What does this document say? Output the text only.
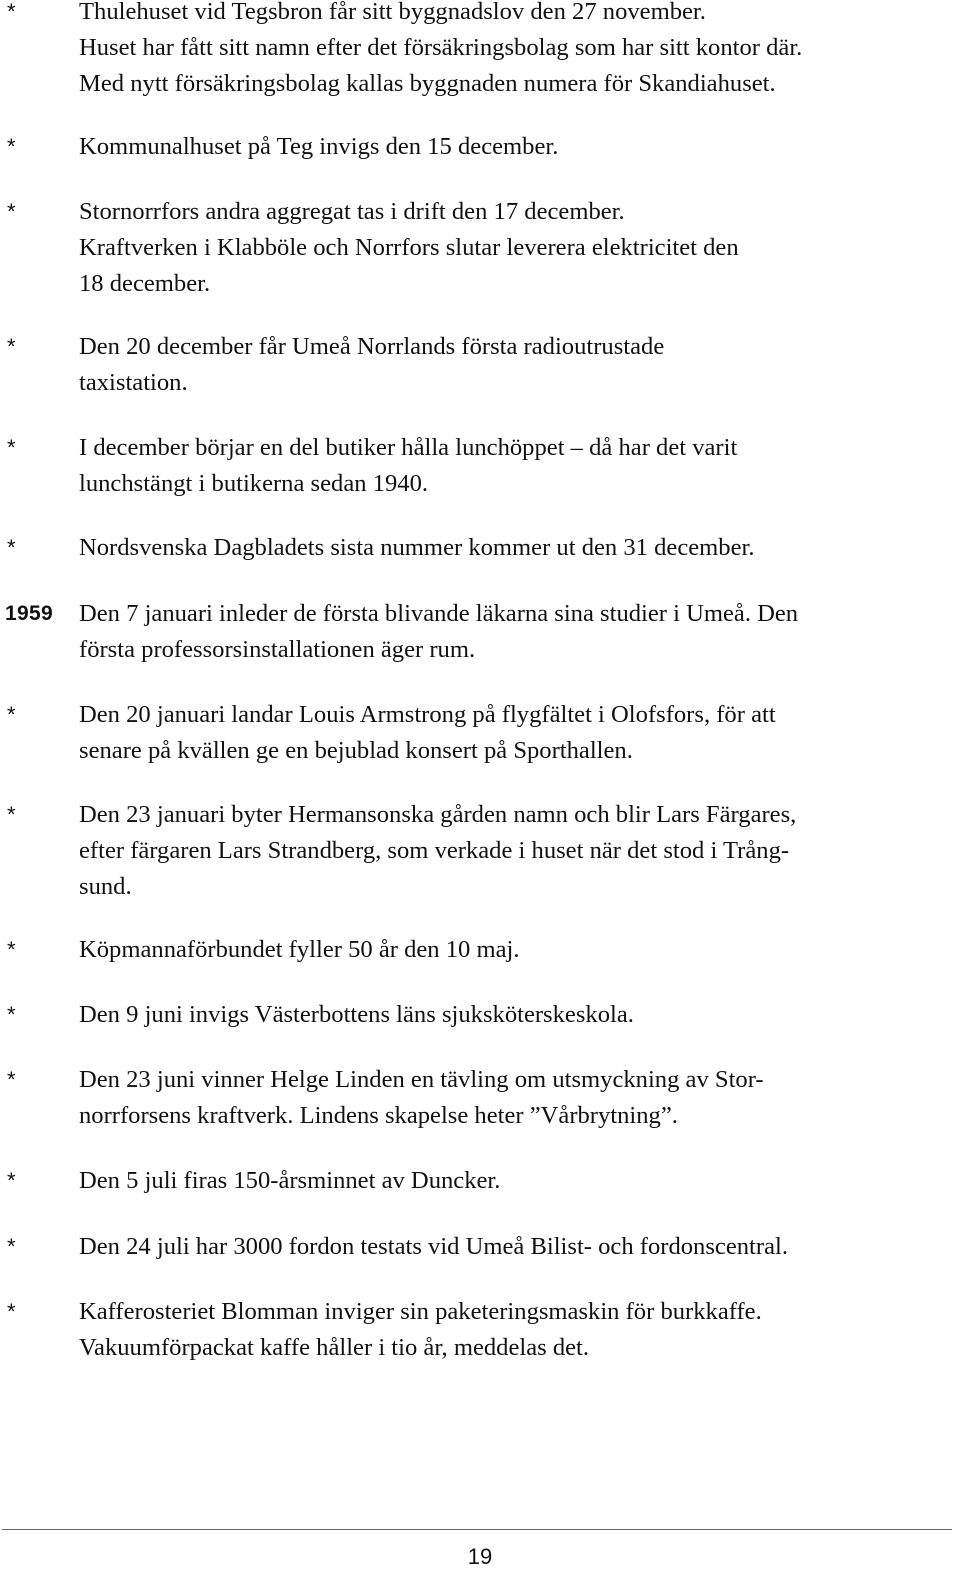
*	Thulehuset vid Tegsbron får sitt byggnadslov den 27 november.
Huset har fått sitt namn efter det försäkringsbolag som har sitt kontor där.
Med nytt försäkringsbolag kallas byggnaden numera för Skandiahuset.
*	Kommunalhuset på Teg invigs den 15 december.
*	Stornorrfors andra aggregat tas i drift den 17 december.
Kraftverken i Klabböle och Norrfors slutar leverera elektricitet den
18 december.
*	Den 20 december får Umeå Norrlands första radioutrustade
taxistation.
*	I december börjar en del butiker hålla lunchöppet – då har det varit
lunchstängt i butikerna sedan 1940.
*	Nordsvenska Dagbladets sista nummer kommer ut den 31 december.
1959 Den 7 januari inleder de första blivande läkarna sina studier i Umeå. Den
första professorsinstallationen äger rum.
*	Den 20 januari landar Louis Armstrong på flygfältet i Olofsfors, för att
senare på kvällen ge en bejublad konsert på Sporthallen.
*	Den 23 januari byter Hermansonska gården namn och blir Lars Färgares,
efter färgaren Lars Strandberg, som verkade i huset när det stod i Trång-
sund.
*	Köpmannaförbundet fyller 50 år den 10 maj.
*	Den 9 juni invigs Västerbottens läns sjuksköterskeskola.
*	Den 23 juni vinner Helge Linden en tävling om utsmyckning av Stor-
norrforsens kraftverk. Lindens skapelse heter ”Vårbrytning”.
*	Den 5 juli firas 150-årsminnet av Duncker.
*	Den 24 juli har 3000 fordon testats vid Umeå Bilist- och fordonscentral.
*	Kafferosteriet Blomman inviger sin paketeringsmaskin för burkkaffe.
Vakuumförpackat kaffe håller i tio år, meddelas det.
19
